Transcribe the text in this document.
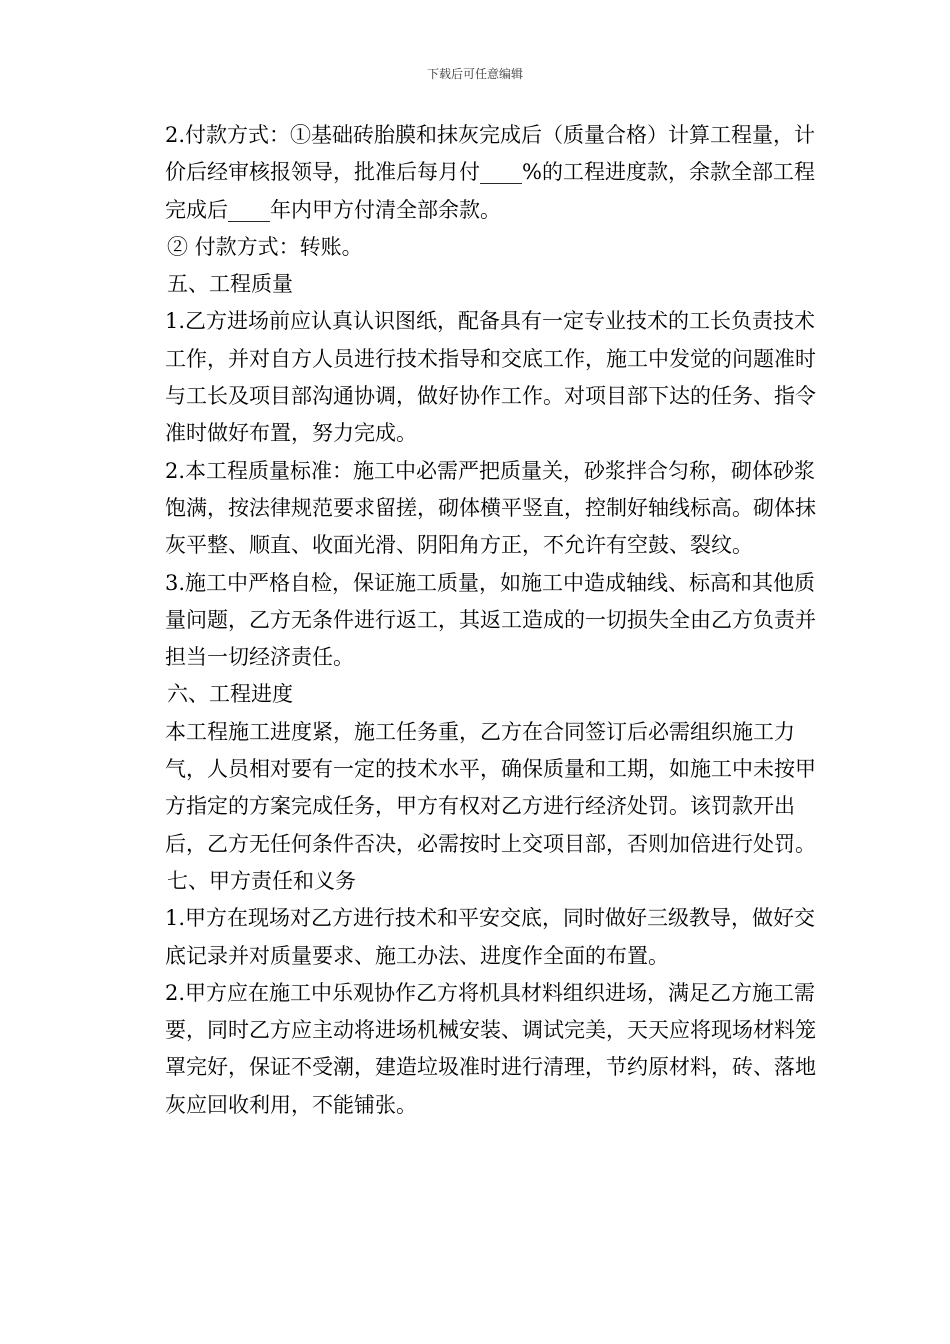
下载后可任意编辑

2.付款方式：①基础砖胎膜和抹灰完成后（质量合格）计算工程量，计价后经审核报领导，批准后每月付____%的工程进度款，余款全部工程完成后____年内甲方付清全部余款。

② 付款方式：转账。

五、工程质量

1.乙方进场前应认真认识图纸，配备具有一定专业技术的工长负责技术工作，并对自方人员进行技术指导和交底工作，施工中发觉的问题准时与工长及项目部沟通协调，做好协作工作。对项目部下达的任务、指令准时做好布置，努力完成。

2.本工程质量标准：施工中必需严把质量关，砂浆拌合匀称，砌体砂浆饱满，按法律规范要求留搓，砌体横平竖直，控制好轴线标高。砌体抹灰平整、顺直、收面光滑、阴阳角方正，不允许有空鼓、裂纹。

3.施工中严格自检，保证施工质量，如施工中造成轴线、标高和其他质量问题，乙方无条件进行返工，其返工造成的一切损失全由乙方负责并担当一切经济责任。

六、工程进度

本工程施工进度紧，施工任务重，乙方在合同签订后必需组织施工力气，人员相对要有一定的技术水平，确保质量和工期，如施工中未按甲方指定的方案完成任务，甲方有权对乙方进行经济处罚。该罚款开出后，乙方无任何条件否决，必需按时上交项目部，否则加倍进行处罚。

七、甲方责任和义务

1.甲方在现场对乙方进行技术和平安交底，同时做好三级教导，做好交底记录并对质量要求、施工办法、进度作全面的布置。

2.甲方应在施工中乐观协作乙方将机具材料组织进场，满足乙方施工需要，同时乙方应主动将进场机械安装、调试完美，天天应将现场材料笼罩完好，保证不受潮，建造垃圾准时进行清理，节约原材料，砖、落地灰应回收利用，不能铺张。
